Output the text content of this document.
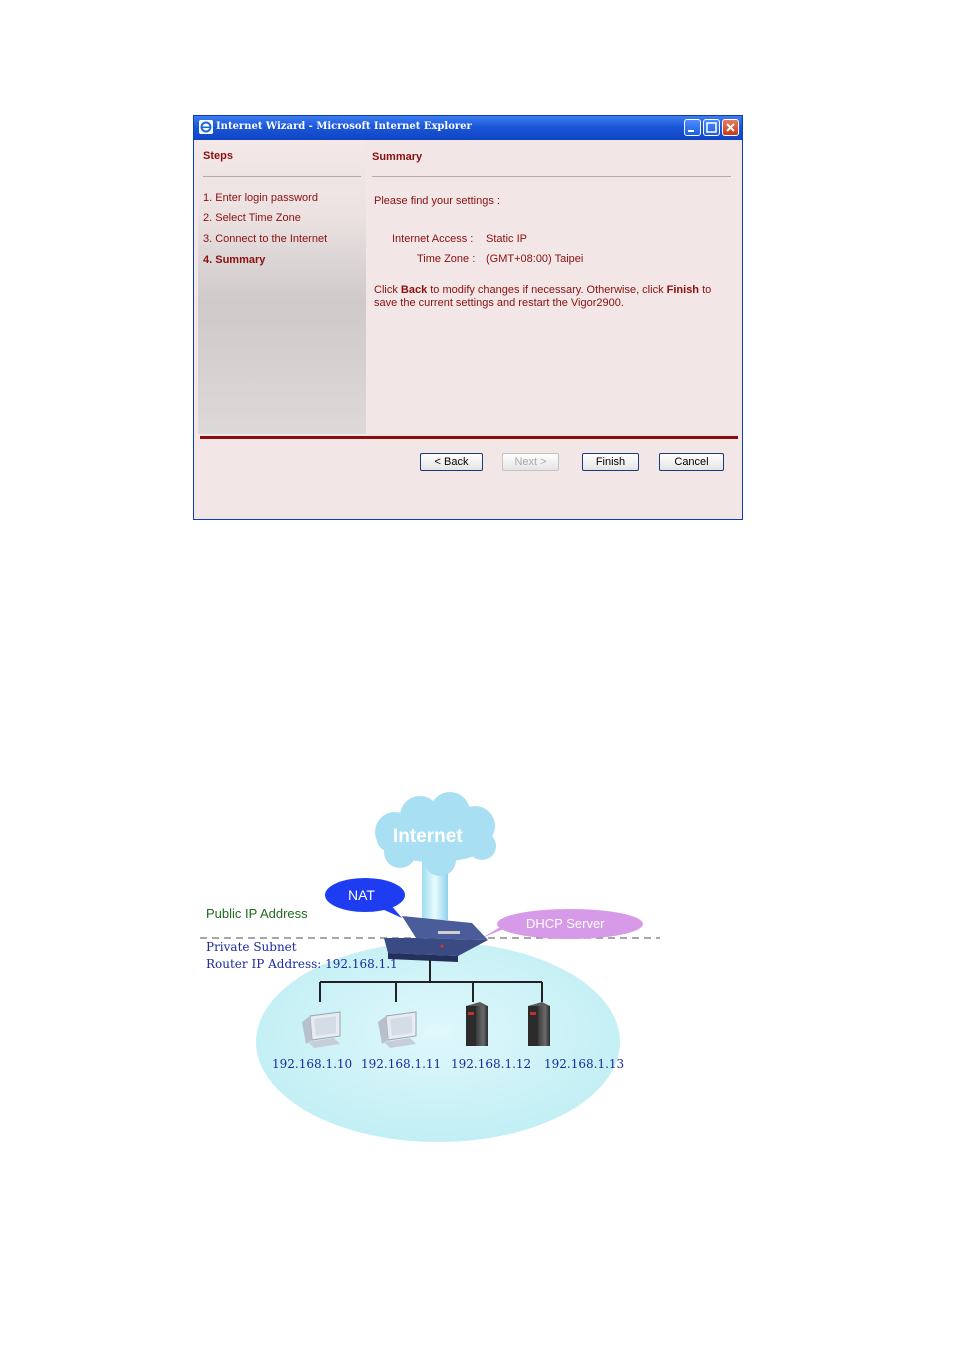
Internet Wizard - Microsoft Internet Explorer
Steps
1. Enter login password
2. Select Time Zone
3. Connect to the Internet
4. Summary
Summary
Please find your settings :
Internet Access : Static IP
Time Zone : (GMT+08:00) Taipei
Click Back to modify changes if necessary. Otherwise, click Finish to save the current settings and restart the Vigor2900.
< Back	Next >	Finish	Cancel
Internet
NAT
DHCP Server
Public IP Address
Private Subnet
Router IP Address: 192.168.1.1
192.168.1.10 192.168.1.11 192.168.1.12 192.168.1.13
